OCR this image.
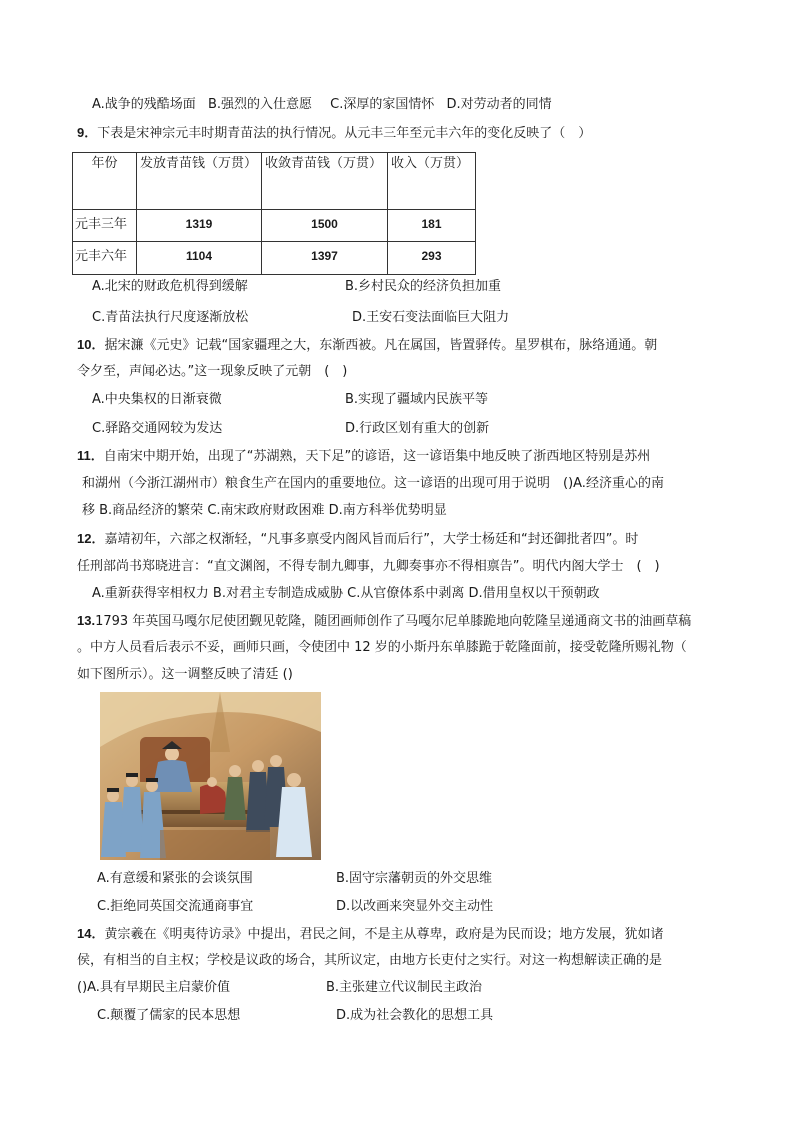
A.战争的残酷场面 B.强烈的入仕意愿 C.深厚的家国情怀 D.对劳动者的同情
9．下表是宋神宗元丰时期青苗法的执行情况。从元丰三年至元丰六年的变化反映了（　）
年份	发放青苗钱（万贯）	收敛青苗钱（万贯）	收入（万贯）
元丰三年	1319	1500	181
元丰六年	1104	1397	293
A.北宋的财政危机得到缓解	B.乡村民众的经济负担加重
C.青苗法执行尺度逐渐放松	D.王安石变法面临巨大阻力
10．据宋濂《元史》记载“国家疆理之大，东渐西被。凡在属国，皆置驿传。星罗棋布，脉络通通。朝
令夕至，声闻必达。”这一现象反映了元朝　(　)
A.中央集权的日渐衰微	B.实现了疆域内民族平等
C.驿路交通网较为发达	D.行政区划有重大的创新
11．自南宋中期开始，出现了“苏湖熟，天下足”的谚语，这一谚语集中地反映了浙西地区特别是苏州
和湖州（今浙江湖州市）粮食生产在国内的重要地位。这一谚语的出现可用于说明　()A.经济重心的南
移 B.商品经济的繁荣 C.南宋政府财政困难 D.南方科举优势明显
12．嘉靖初年，六部之权渐轻，“凡事多禀受内阁风旨而后行”，大学士杨廷和“封还御批者四”。时
任刑部尚书郑晓进言：“直文渊阁，不得专制九卿事，九卿奏事亦不得相禀告”。明代内阁大学士　(　)
A.重新获得宰相权力 B.对君主专制造成威胁 C.从官僚体系中剥离 D.借用皇权以干预朝政
13.1793 年英国马嘎尔尼使团觐见乾隆，随团画师创作了马嘎尔尼单膝跪地向乾隆呈递通商文书的油画草稿
。中方人员看后表示不妥，画师只画，令使团中 12 岁的小斯丹东单膝跪于乾隆面前，接受乾隆所赐礼物（
如下图所示）。这一调整反映了清廷 ()
A.有意缓和紧张的会谈氛围	B.固守宗藩朝贡的外交思维
C.拒绝同英国交流通商事宜	D.以改画来突显外交主动性
14．黄宗羲在《明夷待访录》中提出，君民之间，不是主从尊卑，政府是为民而设；地方发展，犹如诸
侯，有相当的自主权；学校是议政的场合，其所议定，由地方长吏付之实行。对这一构想解读正确的是
()A.具有早期民主启蒙价值	B.主张建立代议制民主政治
C.颠覆了儒家的民本思想	D.成为社会教化的思想工具
